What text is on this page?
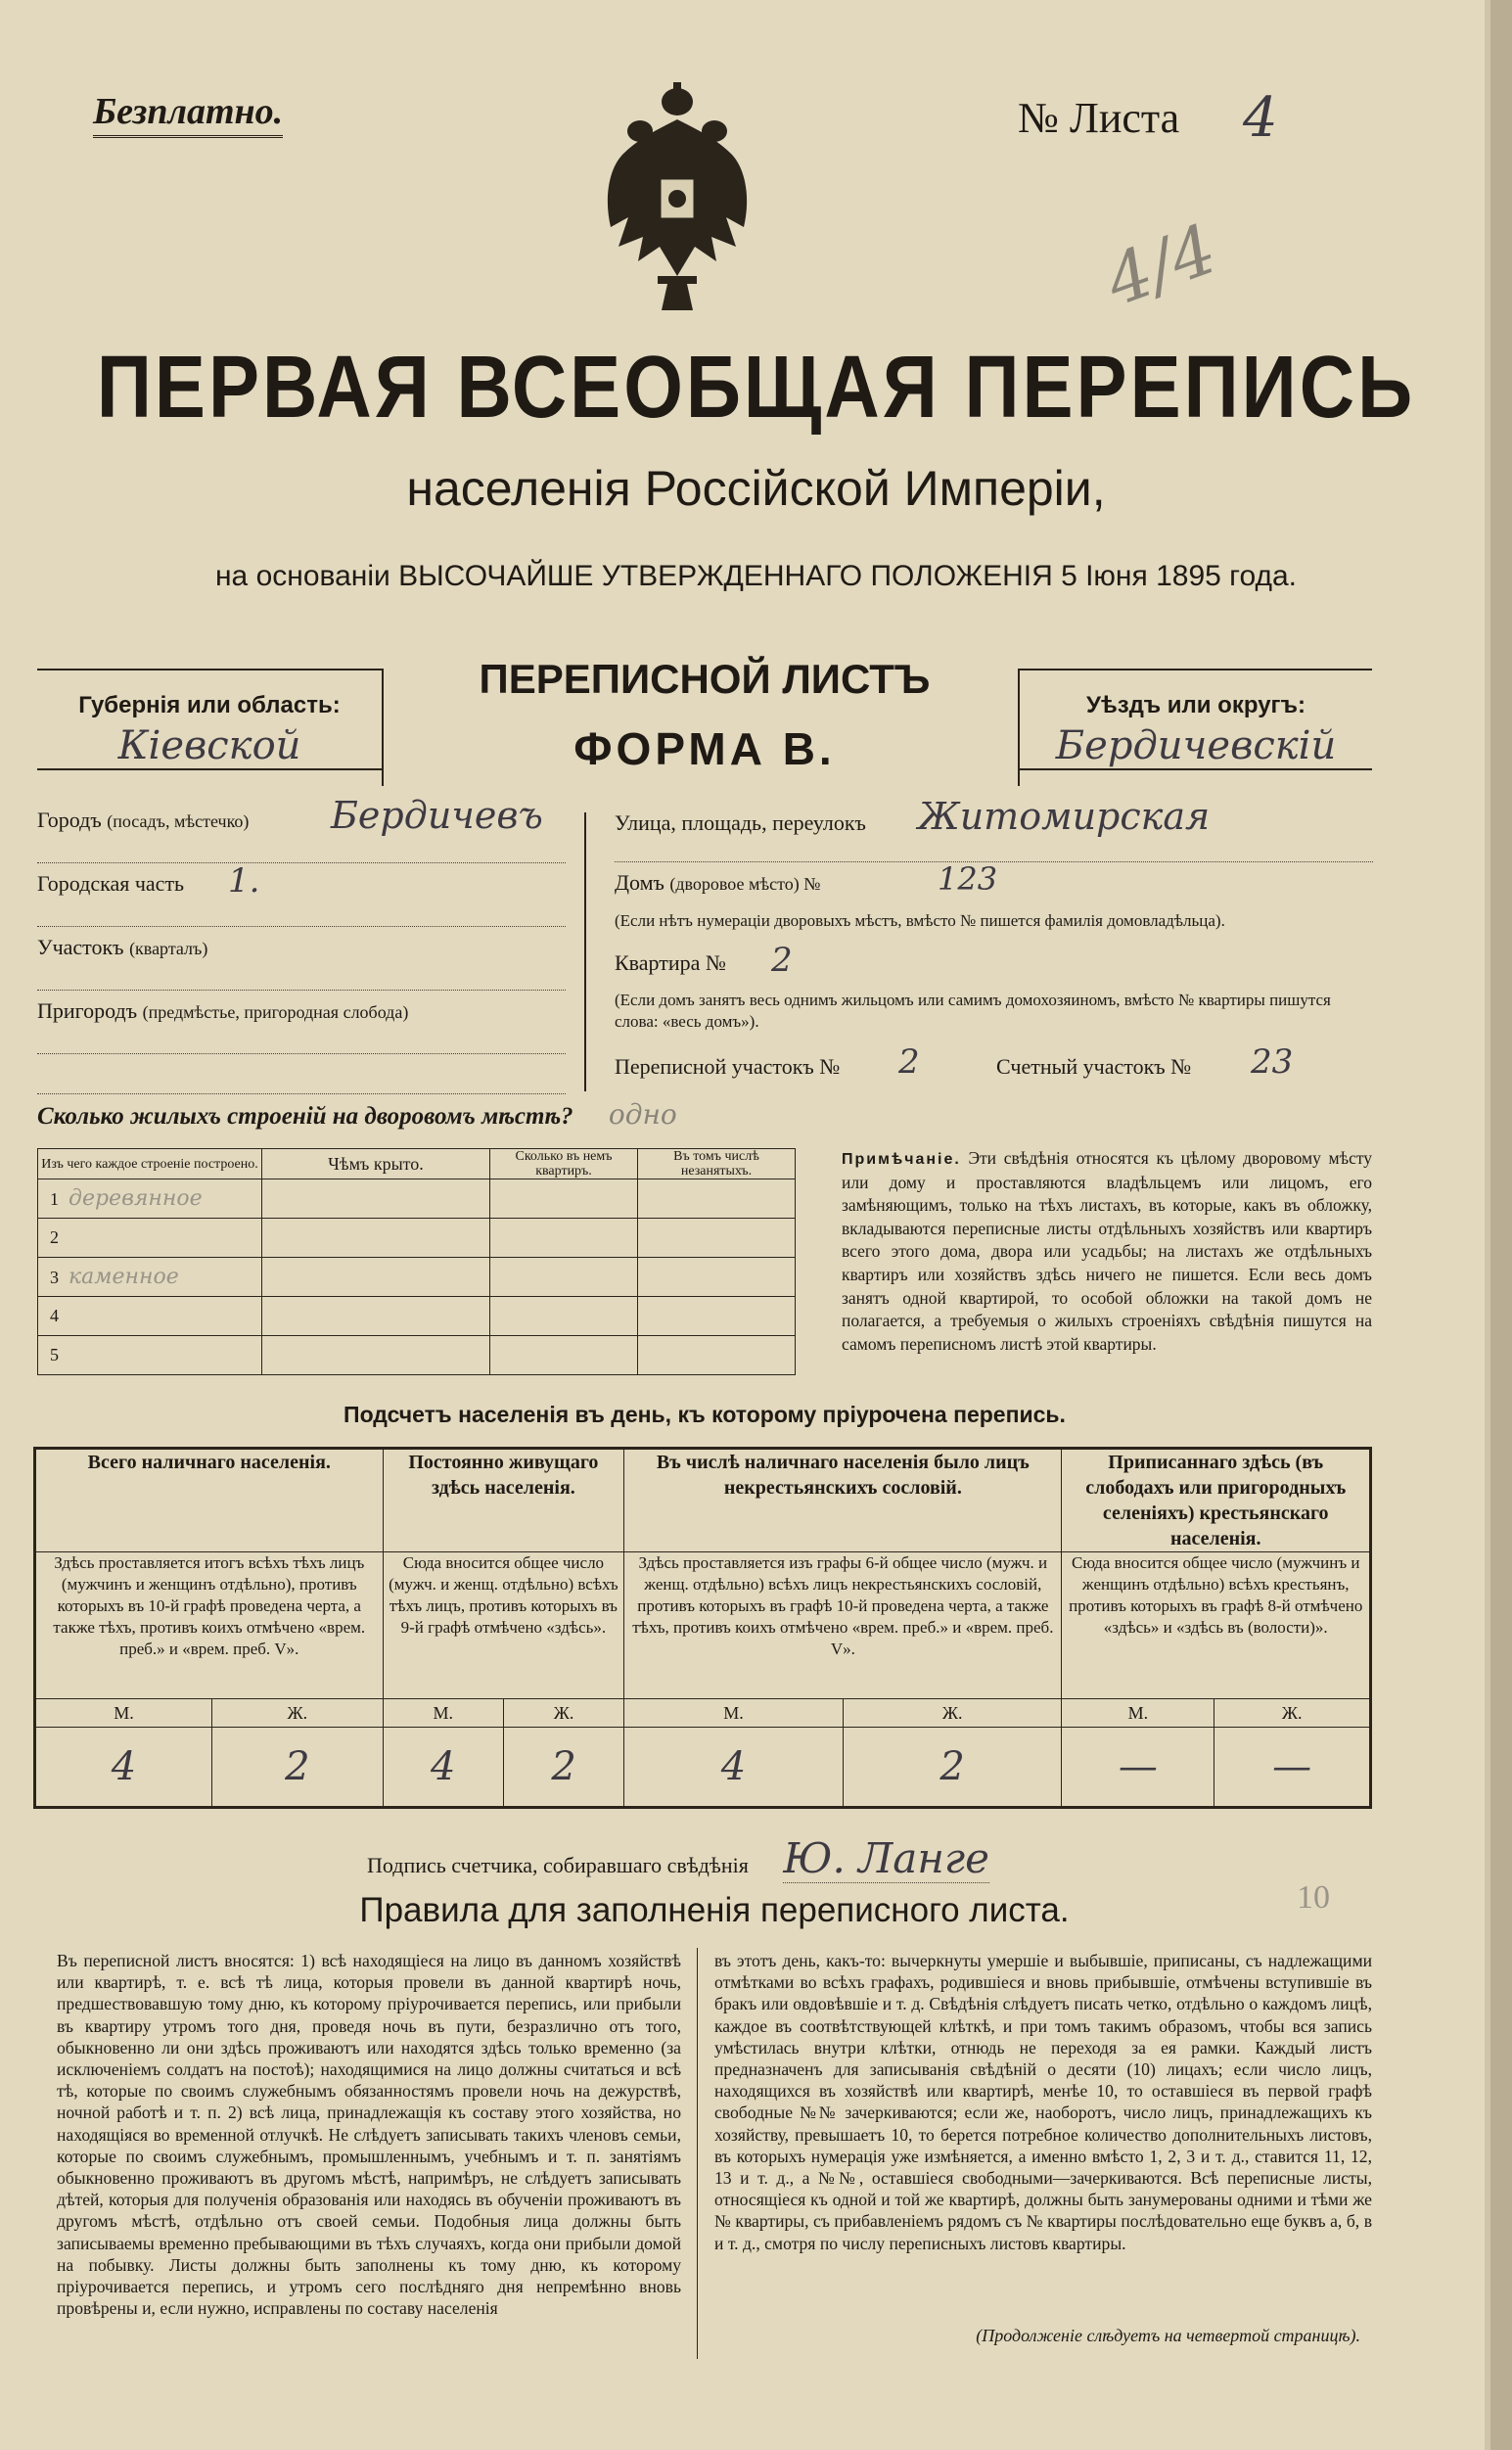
Безплатно.	№ Листа 4
4/4
ПЕРВАЯ ВСЕОБЩАЯ ПЕРЕПИСЬ
населенія Россійской Имперіи,
на основаніи ВЫСОЧАЙШЕ УТВЕРЖДЕННАГО ПОЛОЖЕНІЯ 5 Іюня 1895 года.
Губернія или область:
Кіевской
ПЕРЕПИСНОЙ ЛИСТЪ
ФОРМА В.
Уѣздъ или округъ:
Бердичевскій
Городъ (посадъ, мѣстечко) Бердичевъ
Городская часть 1.
Участокъ (кварталъ)
Пригородъ (предмѣстье, пригородная слобода)
Улица, площадь, переулокъ Житомирская
Домъ (дворовое мѣсто) №	123
(Если нѣтъ нумераціи дворовыхъ мѣстъ, вмѣсто № пишется фамилія домовладѣльца).
Квартира № 2
(Если домъ занятъ весь однимъ жильцомъ или самимъ домохозяиномъ, вмѣсто № квартиры пишутся слова: «весь домъ»).
Переписной участокъ № 2	Счетный участокъ № 23
Сколько жилыхъ строеній на дворовомъ мѣстѣ? одно
Изъ чего каждое строеніе построено.	Чѣмъ крыто.	Сколько въ немъ квартиръ.	Въ томъ числѣ незанятыхъ.
1 деревянное			
2			
3 каменное			
4			
5			
Примѣчаніе. Эти свѣдѣнія относятся къ цѣлому дворовому мѣсту или дому и проставляются владѣльцемъ или лицомъ, его замѣняющимъ, только на тѣхъ листахъ, въ которые, какъ въ обложку, вкладываются переписные листы отдѣльныхъ хозяйствъ или квартиръ всего этого дома, двора или усадьбы; на листахъ же отдѣльныхъ квартиръ или хозяйствъ здѣсь ничего не пишется. Если весь домъ занятъ одной квартирой, то особой обложки на такой домъ не полагается, а требуемыя о жилыхъ строеніяхъ свѣдѣнія пишутся на самомъ переписномъ листѣ этой квартиры.
Подсчетъ населенія въ день, къ которому пріурочена перепись.
Всего наличнаго населенія.		Постоянно живущаго здѣсь населенія.		Въ числѣ наличнаго населенія было лицъ некрестьянскихъ сословій.		Приписаннаго здѣсь (въ слободахъ или пригородныхъ селеніяхъ) крестьянскаго населенія.	
Здѣсь проставляется итогъ всѣхъ тѣхъ лицъ (мужчинъ и женщинъ отдѣльно), противъ которыхъ въ 10-й графѣ проведена черта, а также тѣхъ, противъ коихъ отмѣчено «врем. преб.» и «врем. преб. V».		Сюда вносится общее число (мужч. и женщ. отдѣльно) всѣхъ тѣхъ лицъ, противъ которыхъ въ 9-й графѣ отмѣчено «здѣсь».		Здѣсь проставляется изъ графы 6-й общее число (мужч. и женщ. отдѣльно) всѣхъ лицъ некрестьянскихъ сословій, противъ которыхъ въ графѣ 10-й проведена черта, а также тѣхъ, противъ коихъ отмѣчено «врем. преб.» и «врем. преб. V».		Сюда вносится общее число (мужчинъ и женщинъ отдѣльно) всѣхъ крестьянъ, противъ которыхъ въ графѣ 8-й отмѣчено «здѣсь» и «здѣсь въ (волости)».	
М.	Ж.	М.	Ж.	М.	Ж.	М.	Ж.
4	2	4	2	4	2	—	—
Подпись счетчика, собиравшаго свѣдѣнія Ю. Ланге
10
Правила для заполненія переписного листа.
Въ переписной листъ вносятся: 1) всѣ находящіеся на лицо въ данномъ хозяйствѣ или квартирѣ, т. е. всѣ тѣ лица, которыя провели въ данной квартирѣ ночь, предшествовавшую тому дню, къ которому пріурочивается перепись, или прибыли въ квартиру утромъ того дня, проведя ночь въ пути, безразлично отъ того, обыкновенно ли они здѣсь проживаютъ или находятся здѣсь только временно (за исключеніемъ солдатъ на постоѣ); находящимися на лицо должны считаться и всѣ тѣ, которые по своимъ служебнымъ обязанностямъ провели ночь на дежурствѣ, ночной работѣ и т. п. 2) всѣ лица, принадлежащія къ составу этого хозяйства, но находящіяся во временной отлучкѣ. Не слѣдуетъ записывать такихъ членовъ семьи, которые по своимъ служебнымъ, промышленнымъ, учебнымъ и т. п. занятіямъ обыкновенно проживаютъ въ другомъ мѣстѣ, напримѣръ, не слѣдуетъ записывать дѣтей, которыя для полученія образованія или находясь въ обученіи проживаютъ въ другомъ мѣстѣ, отдѣльно отъ своей семьи. Подобныя лица должны быть записываемы временно пребывающими въ тѣхъ случаяхъ, когда они прибыли домой на побывку. Листы должны быть заполнены къ тому дню, къ которому пріурочивается перепись, и утромъ сего послѣдняго дня непремѣнно вновь провѣрены и, если нужно, исправлены по составу населенія
въ этотъ день, какъ-то: вычеркнуты умершіе и выбывшіе, приписаны, съ надлежащими отмѣтками во всѣхъ графахъ, родившіеся и вновь прибывшіе, отмѣчены вступившіе въ бракъ или овдовѣвшіе и т. д. Свѣдѣнія слѣдуетъ писать четко, отдѣльно о каждомъ лицѣ, каждое въ соотвѣтствующей клѣткѣ, и при томъ такимъ образомъ, чтобы вся запись умѣстилась внутри клѣтки, отнюдь не переходя за ея рамки. Каждый листъ предназначенъ для записыванія свѣдѣній о десяти (10) лицахъ; если число лицъ, находящихся въ хозяйствѣ или квартирѣ, менѣе 10, то оставшіеся въ первой графѣ свободные №№ зачеркиваются; если же, наоборотъ, число лицъ, принадлежащихъ къ хозяйству, превышаетъ 10, то берется потребное количество дополнительныхъ листовъ, въ которыхъ нумерація уже измѣняется, а именно вмѣсто 1, 2, 3 и т. д., ставится 11, 12, 13 и т. д., а №№, оставшіеся свободными—зачеркиваются. Всѣ переписные листы, относящіеся къ одной и той же квартирѣ, должны быть занумерованы одними и тѣми же № квартиры, съ прибавленіемъ рядомъ съ № квартиры послѣдовательно еще буквъ а, б, в и т. д., смотря по числу переписныхъ листовъ квартиры.
(Продолженіе слѣдуетъ на четвертой страницѣ).
